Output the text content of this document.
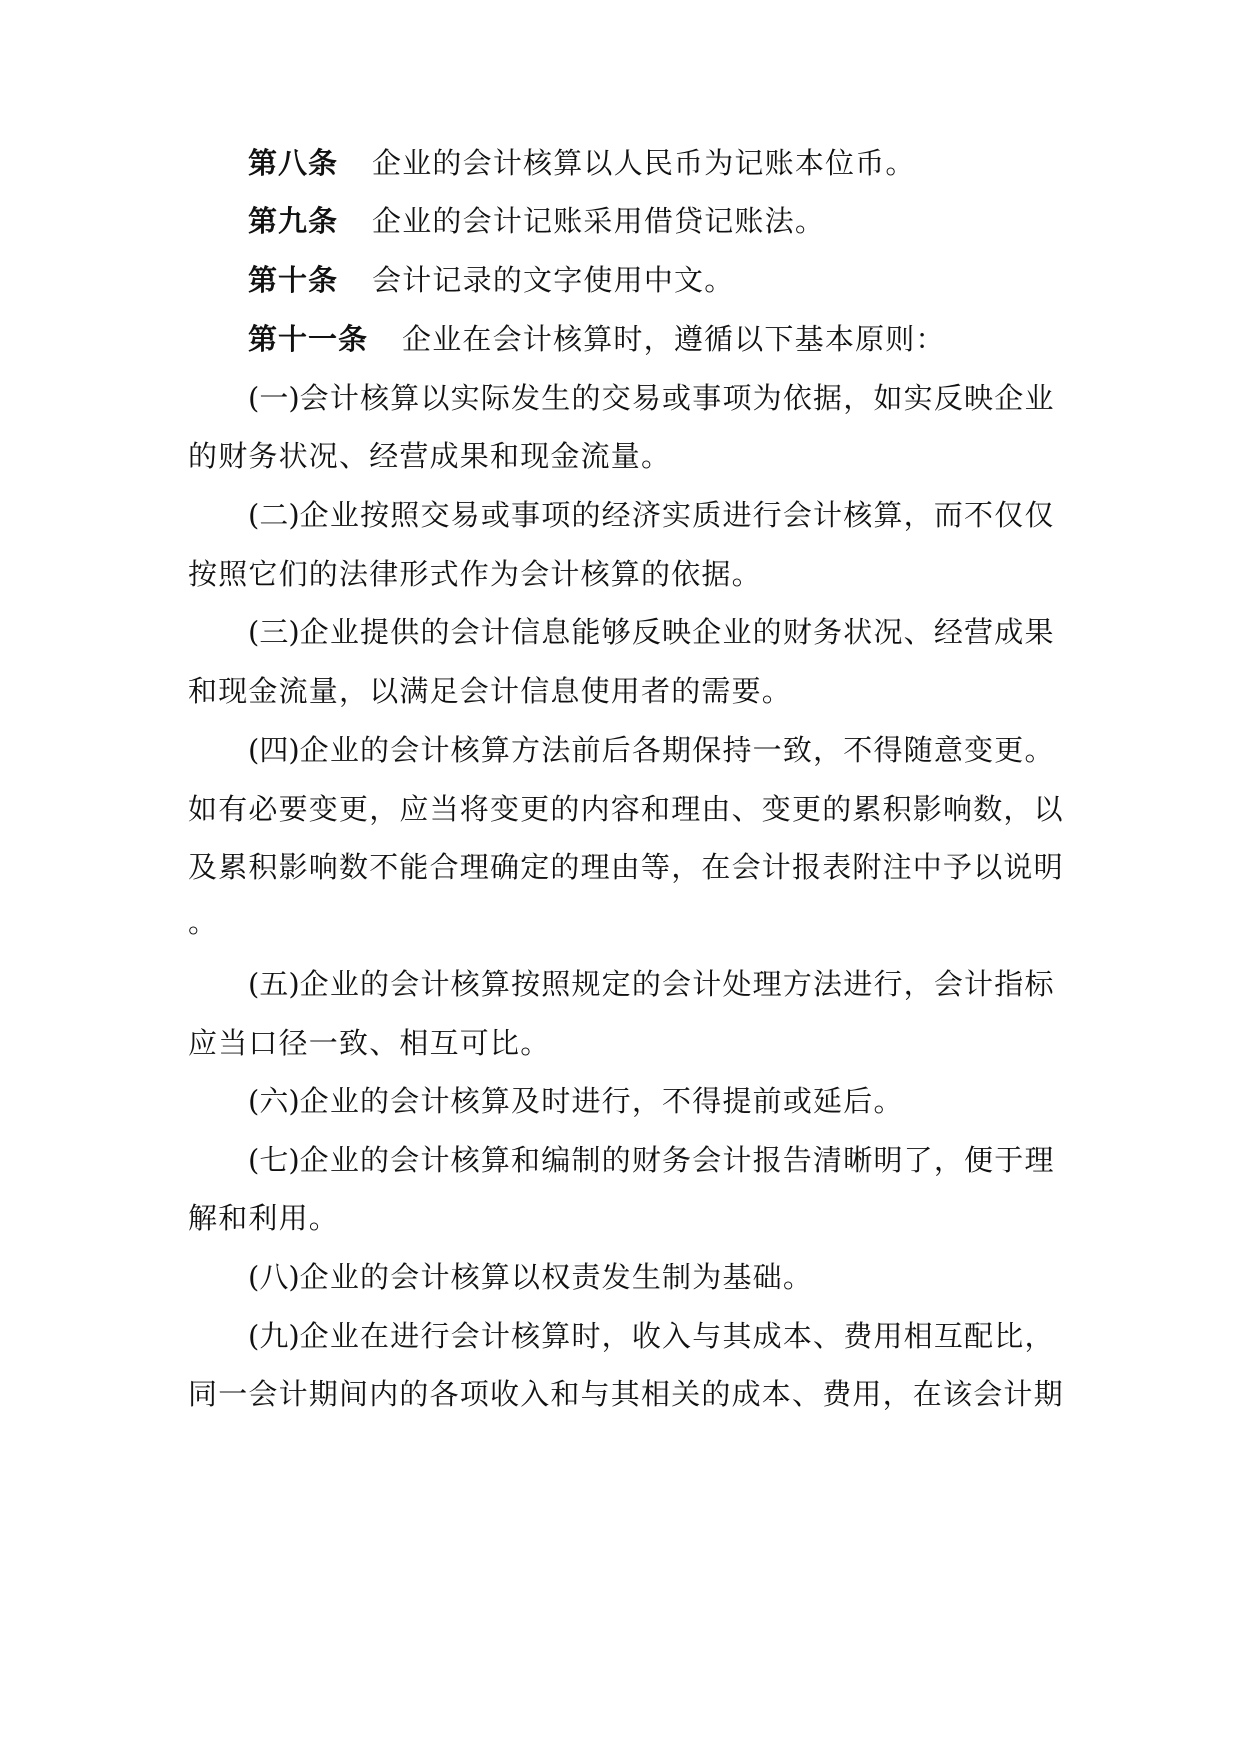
第八条 企业的会计核算以人民币为记账本位币。
第九条 企业的会计记账采用借贷记账法。
第十条 会计记录的文字使用中文。
第十一条 企业在会计核算时，遵循以下基本原则：
(一)会计核算以实际发生的交易或事项为依据，如实反映企业
的财务状况、经营成果和现金流量。
(二)企业按照交易或事项的经济实质进行会计核算，而不仅仅
按照它们的法律形式作为会计核算的依据。
(三)企业提供的会计信息能够反映企业的财务状况、经营成果
和现金流量，以满足会计信息使用者的需要。
(四)企业的会计核算方法前后各期保持一致，不得随意变更。
如有必要变更，应当将变更的内容和理由、变更的累积影响数，以
及累积影响数不能合理确定的理由等，在会计报表附注中予以说明
。
(五)企业的会计核算按照规定的会计处理方法进行，会计指标
应当口径一致、相互可比。
(六)企业的会计核算及时进行，不得提前或延后。
(七)企业的会计核算和编制的财务会计报告清晰明了，便于理
解和利用。
(八)企业的会计核算以权责发生制为基础。
(九)企业在进行会计核算时，收入与其成本、费用相互配比，
同一会计期间内的各项收入和与其相关的成本、费用，在该会计期
